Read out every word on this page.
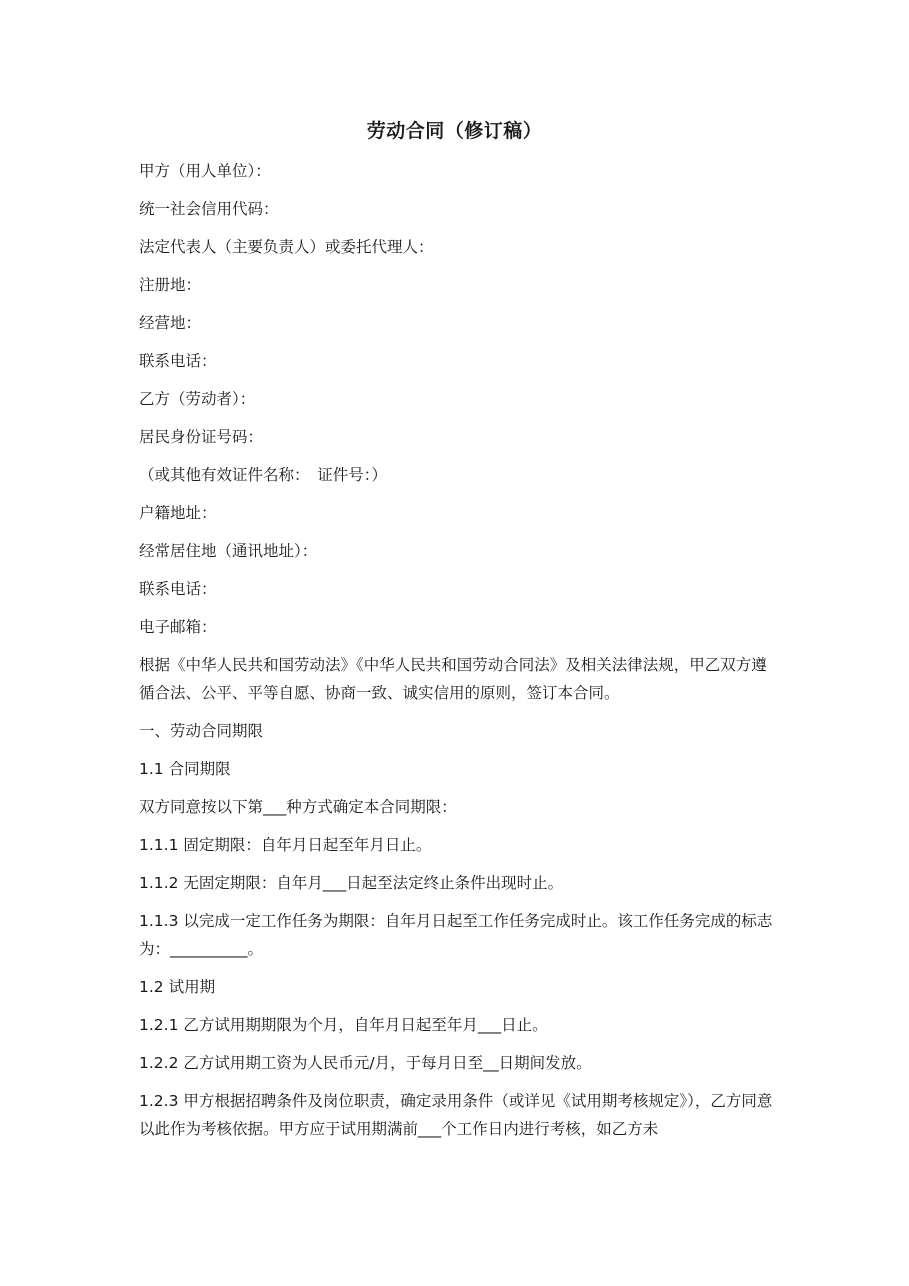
劳动合同（修订稿）

甲方（用人单位）：

统一社会信用代码：

法定代表人（主要负责人）或委托代理人：

注册地：

经营地：

联系电话：

乙方（劳动者）：

居民身份证号码：

（或其他有效证件名称：　证件号：）

户籍地址：

经常居住地（通讯地址）：

联系电话：

电子邮箱：

根据《中华人民共和国劳动法》《中华人民共和国劳动合同法》及相关法律法规，甲乙双方遵循合法、公平、平等自愿、协商一致、诚实信用的原则，签订本合同。

一、劳动合同期限

1.1 合同期限

双方同意按以下第___种方式确定本合同期限：

1.1.1 固定期限：自年月日起至年月日止。

1.1.2 无固定期限：自年月___日起至法定终止条件出现时止。

1.1.3 以完成一定工作任务为期限：自年月日起至工作任务完成时止。该工作任务完成的标志为：__________。

1.2 试用期

1.2.1 乙方试用期期限为个月，自年月日起至年月___日止。

1.2.2 乙方试用期工资为人民币元/月，于每月日至__日期间发放。

1.2.3 甲方根据招聘条件及岗位职责，确定录用条件（或详见《试用期考核规定》），乙方同意以此作为考核依据。甲方应于试用期满前___个工作日内进行考核，如乙方未
